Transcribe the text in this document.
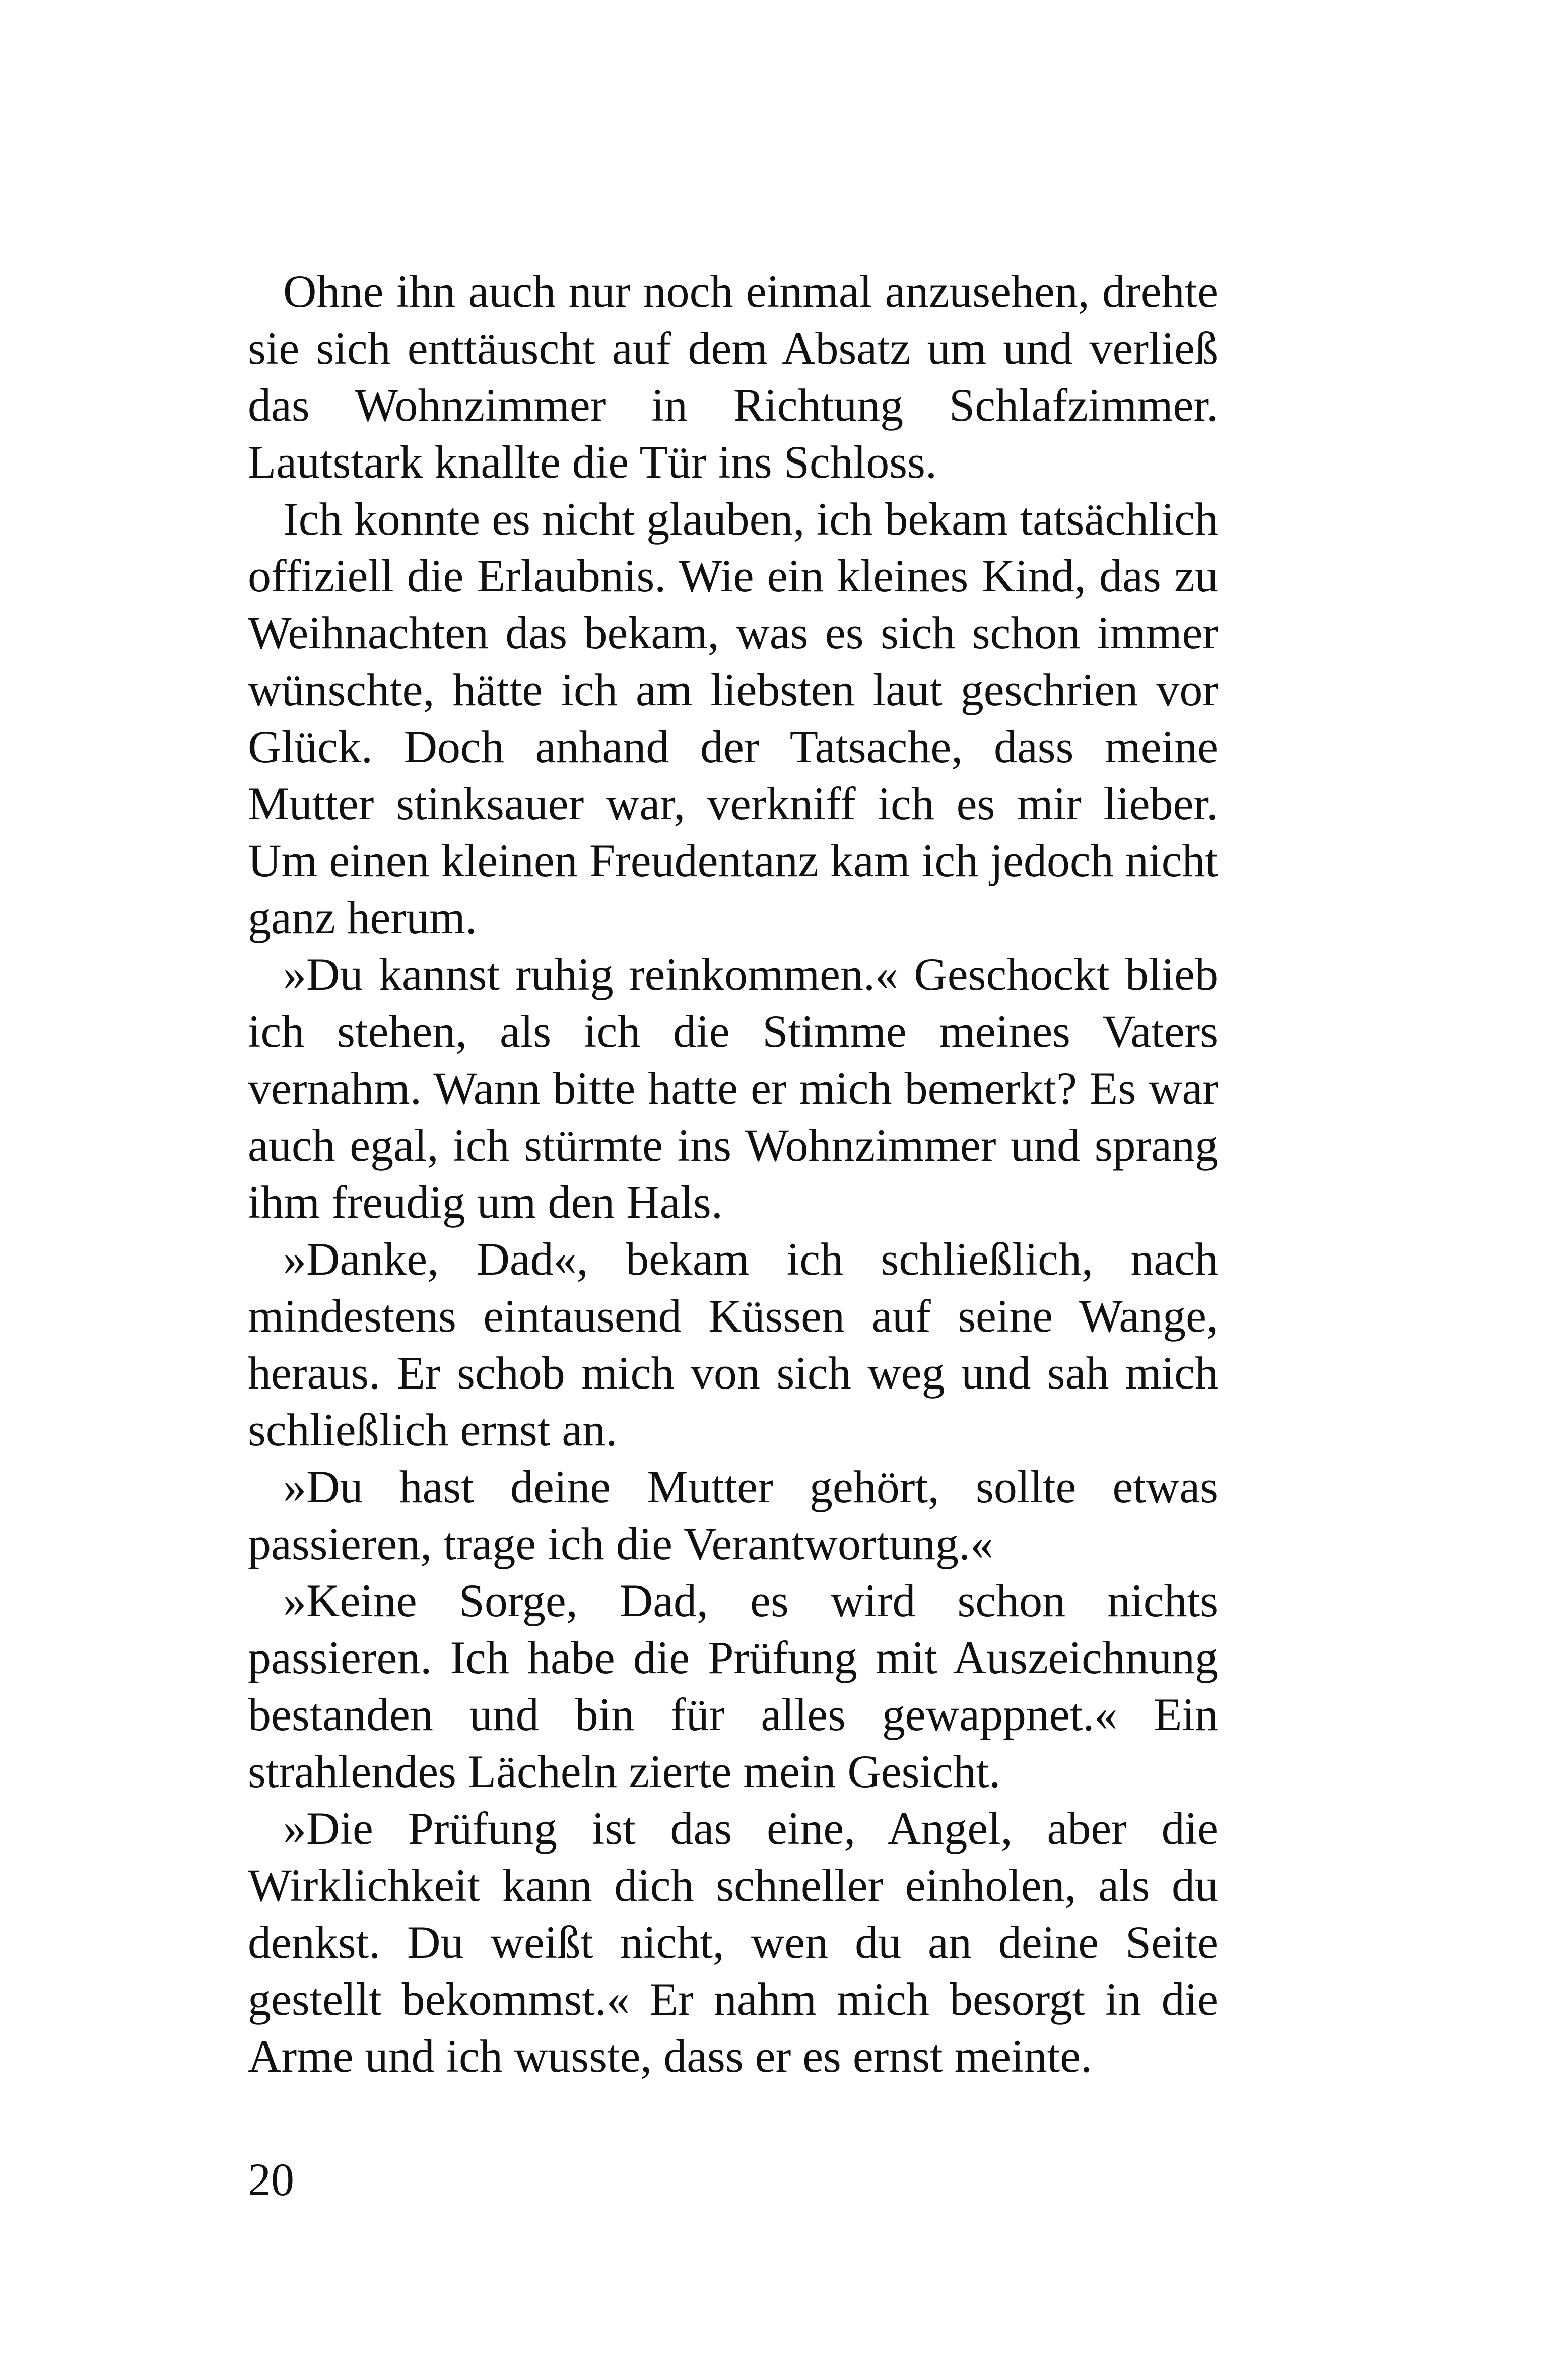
Ohne ihn auch nur noch einmal anzusehen, drehte sie sich enttäuscht auf dem Absatz um und verließ das Wohnzimmer in Richtung Schlafzimmer. Lautstark knallte die Tür ins Schloss.

Ich konnte es nicht glauben, ich bekam tatsächlich offiziell die Erlaubnis. Wie ein kleines Kind, das zu Weihnachten das bekam, was es sich schon immer wünschte, hätte ich am liebsten laut geschrien vor Glück. Doch anhand der Tatsache, dass meine Mutter stinksauer war, verkniff ich es mir lieber. Um einen kleinen Freudentanz kam ich jedoch nicht ganz herum.

»Du kannst ruhig reinkommen.« Geschockt blieb ich stehen, als ich die Stimme meines Vaters vernahm. Wann bitte hatte er mich bemerkt? Es war auch egal, ich stürmte ins Wohnzimmer und sprang ihm freudig um den Hals.

»Danke, Dad«, bekam ich schließlich, nach mindestens eintausend Küssen auf seine Wange, heraus. Er schob mich von sich weg und sah mich schließlich ernst an.

»Du hast deine Mutter gehört, sollte etwas passieren, trage ich die Verantwortung.«

»Keine Sorge, Dad, es wird schon nichts passieren. Ich habe die Prüfung mit Auszeichnung bestanden und bin für alles gewappnet.« Ein strahlendes Lächeln zierte mein Gesicht.

»Die Prüfung ist das eine, Angel, aber die Wirklichkeit kann dich schneller einholen, als du denkst. Du weißt nicht, wen du an deine Seite gestellt bekommst.« Er nahm mich besorgt in die Arme und ich wusste, dass er es ernst meinte.

20
